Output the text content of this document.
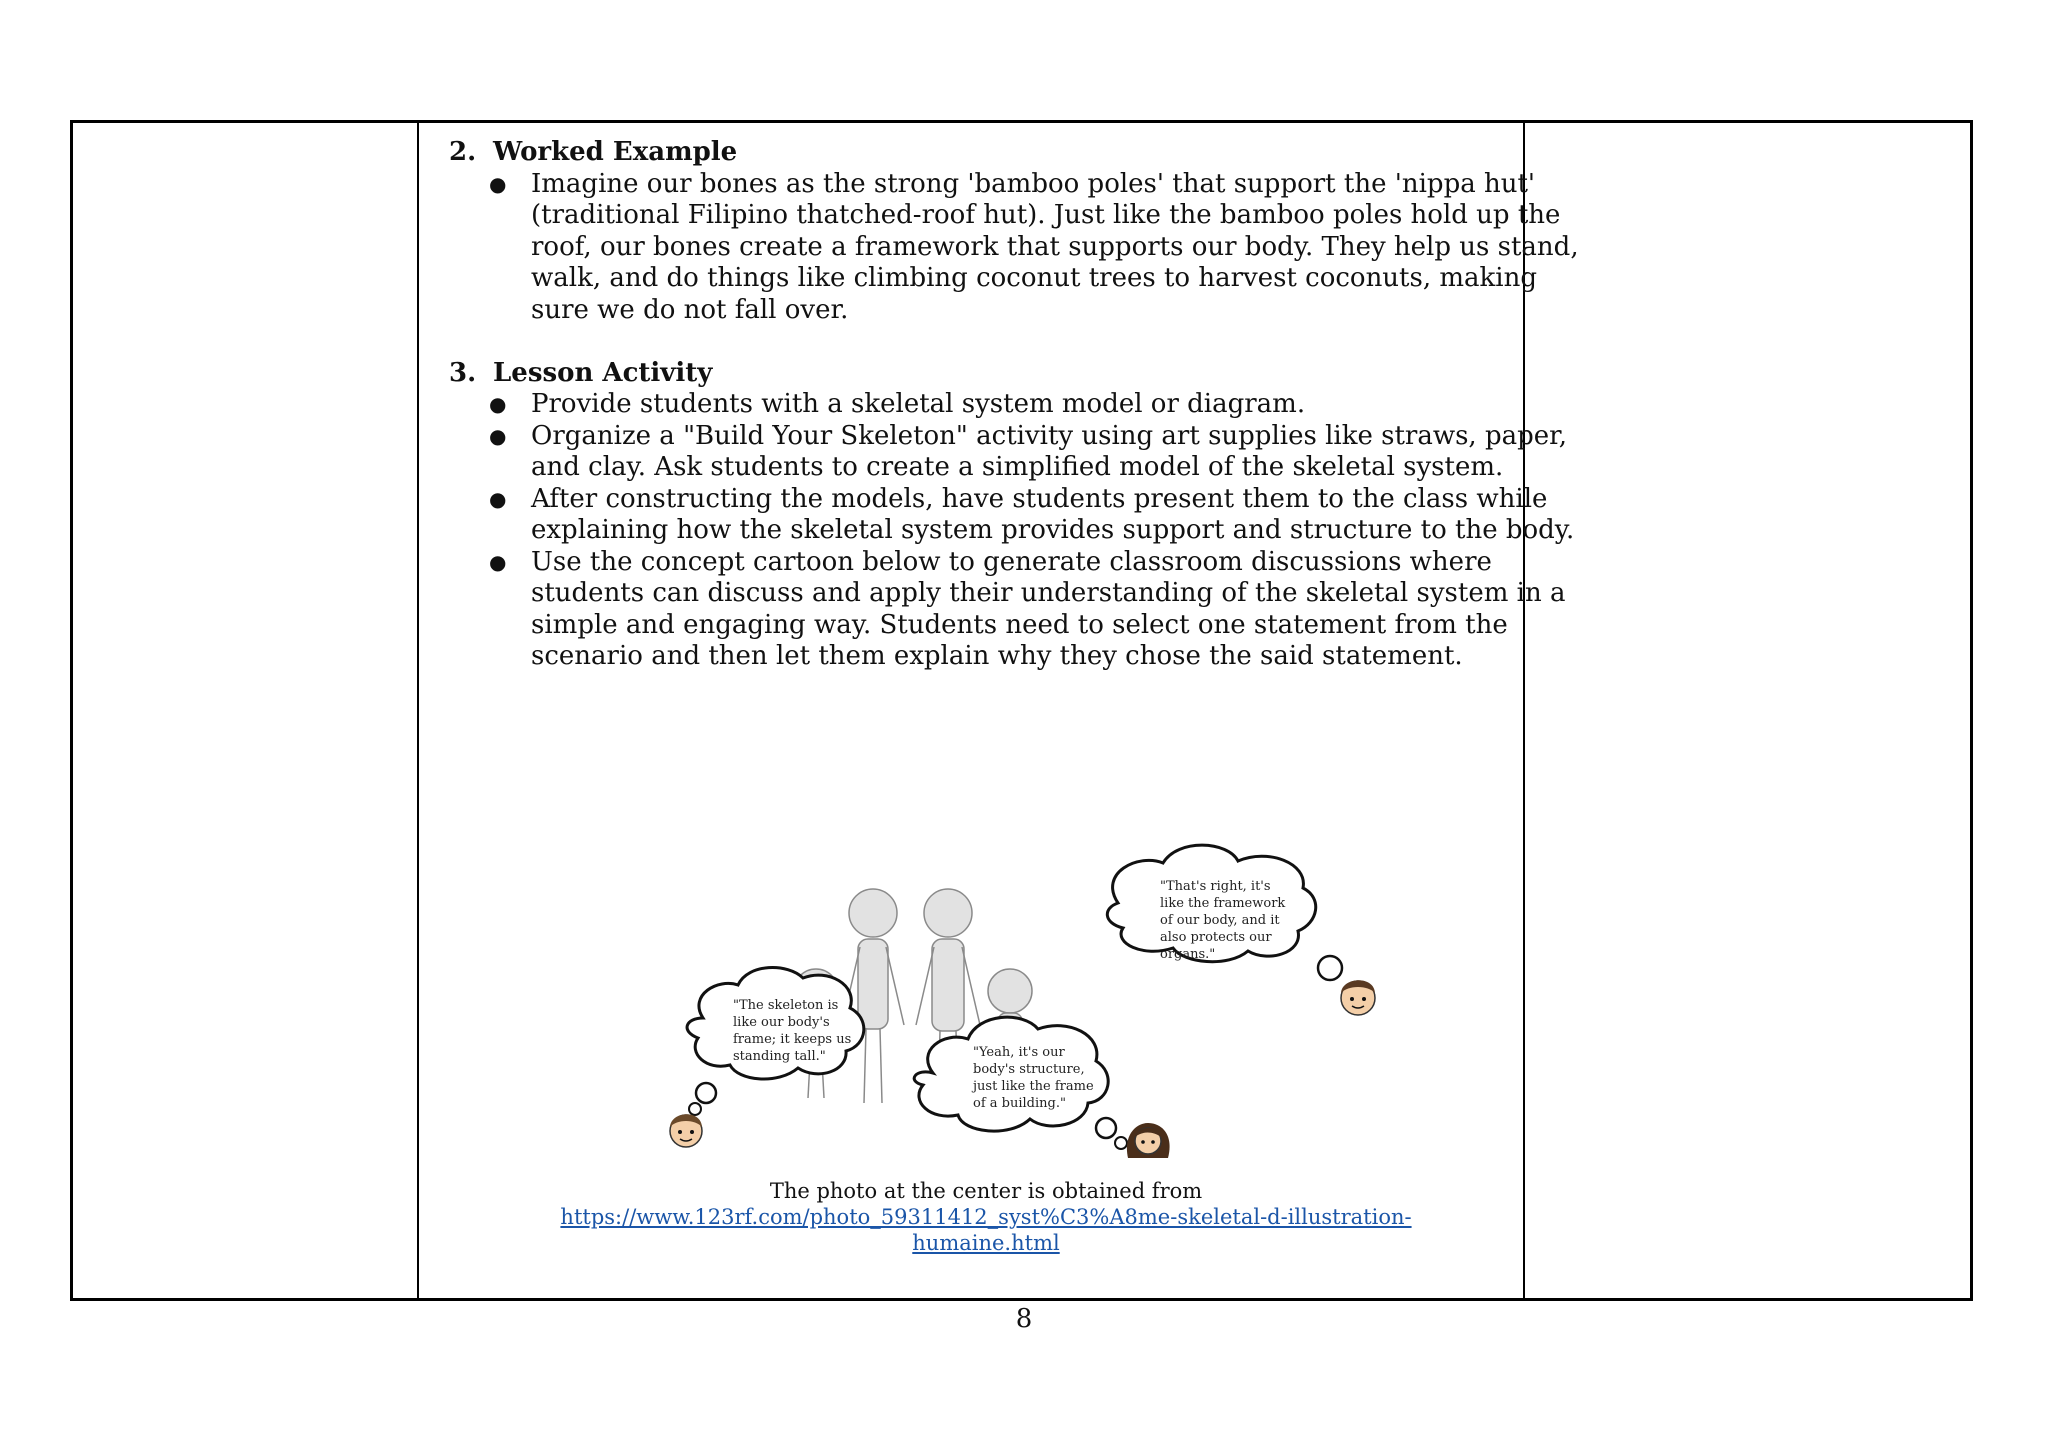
2. Worked Example
● Imagine our bones as the strong 'bamboo poles' that support the 'nippa hut' (traditional Filipino thatched-roof hut). Just like the bamboo poles hold up the roof, our bones create a framework that supports our body. They help us stand, walk, and do things like climbing coconut trees to harvest coconuts, making sure we do not fall over.
3. Lesson Activity
● Provide students with a skeletal system model or diagram.
● Organize a "Build Your Skeleton" activity using art supplies like straws, paper, and clay. Ask students to create a simplified model of the skeletal system.
● After constructing the models, have students present them to the class while explaining how the skeletal system provides support and structure to the body.
● Use the concept cartoon below to generate classroom discussions where students can discuss and apply their understanding of the skeletal system in a simple and engaging way. Students need to select one statement from the scenario and then let them explain why they chose the said statement.
"That's right, it's like the framework of our body, and it also protects our organs."
"The skeleton is like our body's frame; it keeps us standing tall."	"Yeah, it's our body's structure, just like the frame of a building."
The photo at the center is obtained from
https://www.123rf.com/photo_59311412_syst%C3%A8me-skeletal-d-illustration-
humaine.html
8
